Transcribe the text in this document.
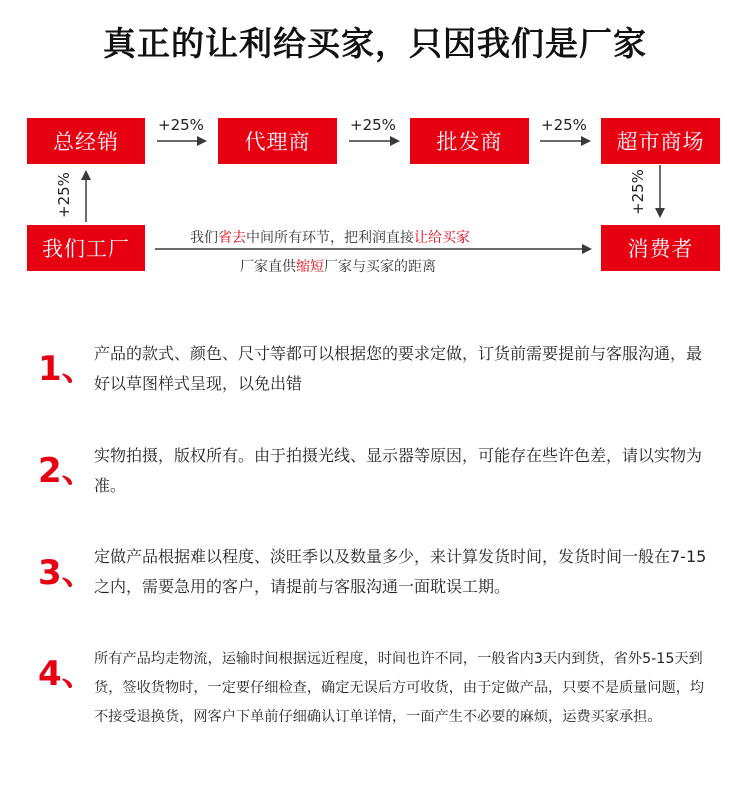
真正的让利给买家，只因我们是厂家
总经销	代理商	批发商	超市商场
我们工厂	消费者
+25%	+25%	+25%
+25%	+25%
我们省去中间所有环节，把利润直接让给买家
厂家直供缩短厂家与买家的距离
1、
产品的款式、颜色、尺寸等都可以根据您的要求定做，订货前需要提前与客服沟通，最好以草图样式呈现，以免出错
2、
实物拍摄，版权所有。由于拍摄光线、显示器等原因，可能存在些许色差，请以实物为准。
3、
定做产品根据难以程度、淡旺季以及数量多少，来计算发货时间，发货时间一般在7-15之内，需要急用的客户，请提前与客服沟通一面耽误工期。
4、
所有产品均走物流，运输时间根据远近程度，时间也许不同，一般省内3天内到货，省外5-15天到货，签收货物时，一定要仔细检查，确定无误后方可收货，由于定做产品，只要不是质量问题，均不接受退换货，网客户下单前仔细确认订单详情，一面产生不必要的麻烦，运费买家承担。
